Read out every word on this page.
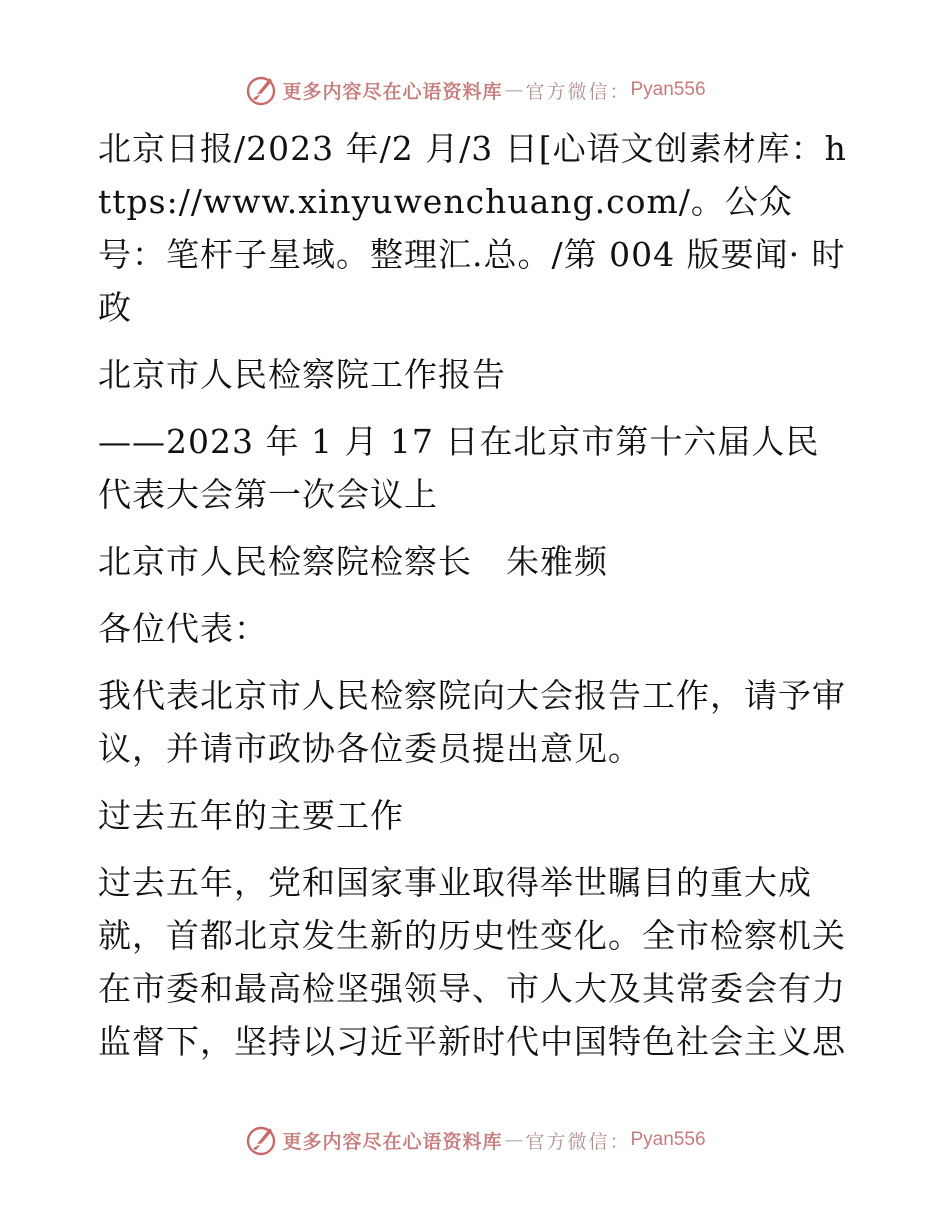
更多内容尽在心语资料库 — 官方微信： Pyan556

北京日报/2023 年/2 月/3 日[心语文创素材库：https://www.xinyuwenchuang.com/。公众号：笔杆子星域。整理汇.总。/第 004 版要闻· 时政

北京市人民检察院工作报告

——2023 年 1 月 17 日在北京市第十六届人民代表大会第一次会议上

北京市人民检察院检察长　朱雅频

各位代表：

我代表北京市人民检察院向大会报告工作，请予审议，并请市政协各位委员提出意见。

过去五年的主要工作

过去五年，党和国家事业取得举世瞩目的重大成就，首都北京发生新的历史性变化。全市检察机关在市委和最高检坚强领导、市人大及其常委会有力监督下，坚持以习近平新时代中国特色社会主义思

更多内容尽在心语资料库 — 官方微信： Pyan556
